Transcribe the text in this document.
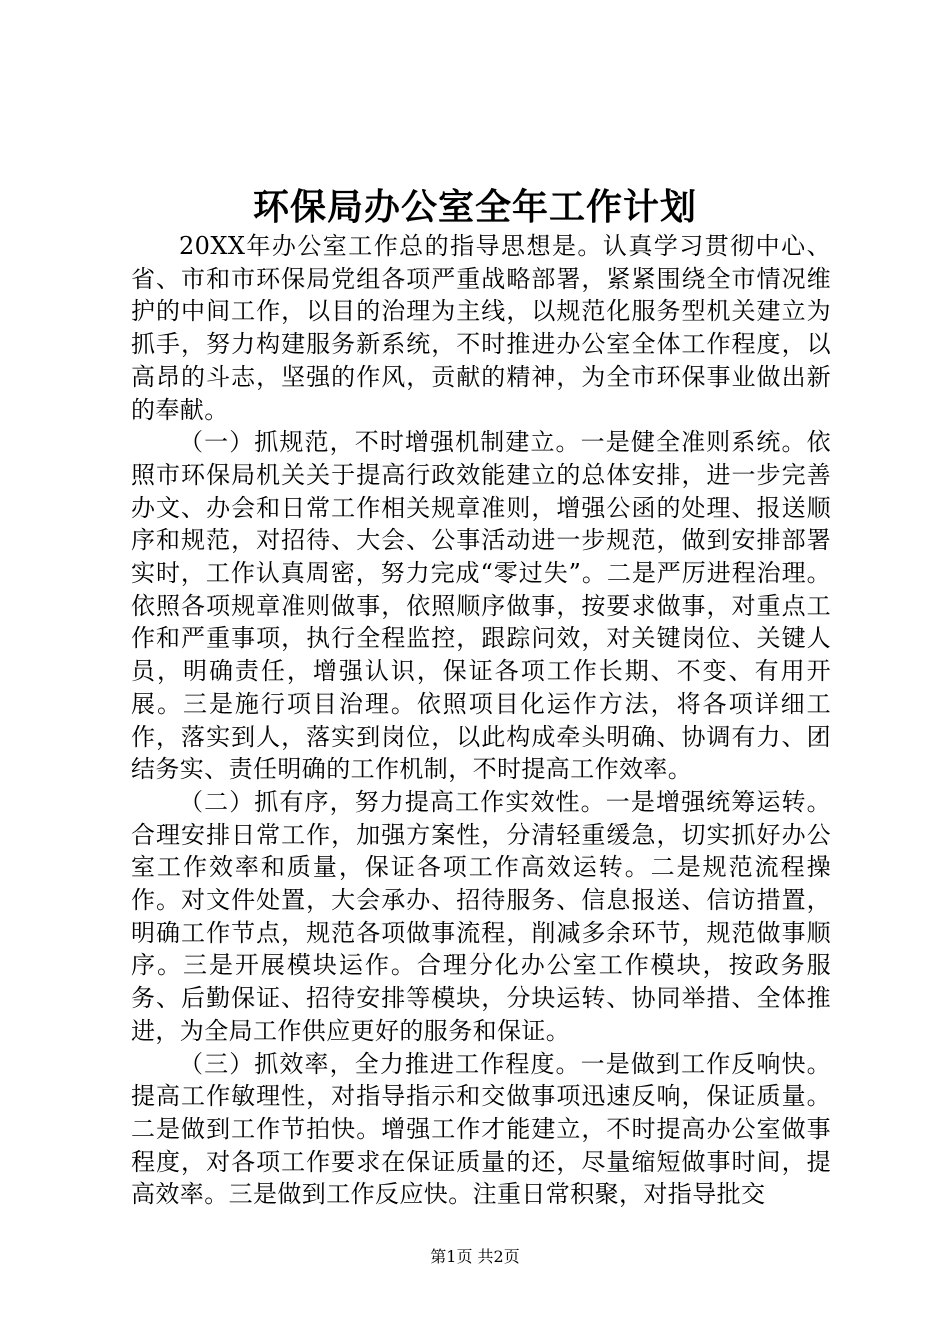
环保局办公室全年工作计划

20XX年办公室工作总的指导思想是。认真学习贯彻中心、省、市和市环保局党组各项严重战略部署，紧紧围绕全市情况维护的中间工作，以目的治理为主线，以规范化服务型机关建立为抓手，努力构建服务新系统，不时推进办公室全体工作程度，以高昂的斗志，坚强的作风，贡献的精神，为全市环保事业做出新的奉献。

（一）抓规范，不时增强机制建立。一是健全准则系统。依照市环保局机关关于提高行政效能建立的总体安排，进一步完善办文、办会和日常工作相关规章准则，增强公函的处理、报送顺序和规范，对招待、大会、公事活动进一步规范，做到安排部署实时，工作认真周密，努力完成“零过失”。二是严厉进程治理。依照各项规章准则做事，依照顺序做事，按要求做事，对重点工作和严重事项，执行全程监控，跟踪问效，对关键岗位、关键人员，明确责任，增强认识，保证各项工作长期、不变、有用开展。三是施行项目治理。依照项目化运作方法，将各项详细工作，落实到人，落实到岗位，以此构成牵头明确、协调有力、团结务实、责任明确的工作机制，不时提高工作效率。

（二）抓有序，努力提高工作实效性。一是增强统筹运转。合理安排日常工作，加强方案性，分清轻重缓急，切实抓好办公室工作效率和质量，保证各项工作高效运转。二是规范流程操作。对文件处置，大会承办、招待服务、信息报送、信访措置，明确工作节点，规范各项做事流程，削减多余环节，规范做事顺序。三是开展模块运作。合理分化办公室工作模块，按政务服务、后勤保证、招待安排等模块，分块运转、协同举措、全体推进，为全局工作供应更好的服务和保证。

（三）抓效率，全力推进工作程度。一是做到工作反响快。提高工作敏理性，对指导指示和交做事项迅速反响，保证质量。二是做到工作节拍快。增强工作才能建立，不时提高办公室做事程度，对各项工作要求在保证质量的还，尽量缩短做事时间，提高效率。三是做到工作反应快。注重日常积聚，对指导批交

第1页 共2页
